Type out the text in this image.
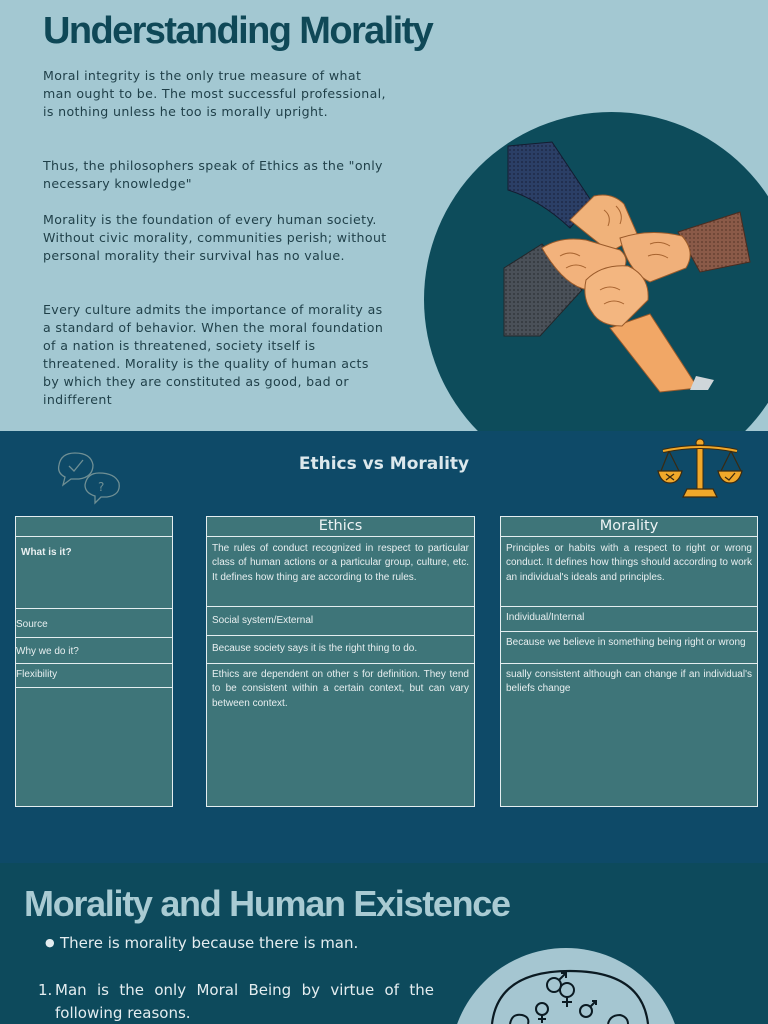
Understanding Morality

Moral integrity is the only true measure of what man ought to be. The most successful professional, is nothing unless he too is morally upright.

Thus, the philosophers speak of Ethics as the "only necessary knowledge"

Morality is the foundation of every human society. Without civic morality, communities perish; without personal morality their survival has no value.

Every culture admits the importance of morality as a standard of behavior. When the moral foundation of a nation is threatened, society itself is threatened. Morality is the quality of human acts by which they are constituted as good, bad or indifferent

?
Ethics vs Morality
What is it?
Source
Why we do it?
Flexibility
Ethics
The rules of conduct recognized in respect to particular class of human actions or a particular group, culture, etc. It defines how thing are according to the rules.
Social system/External
Because society says it is the right thing to do.
Ethics are dependent on other s for definition. They tend to be consistent within a certain context, but can vary between context.
Morality
Principles or habits with a respect to right or wrong conduct. It defines how things should according to work an individual's ideals and principles.
Individual/Internal
Because we believe in something being right or wrong
sually consistent although can change if an individual's beliefs change
Morality and Human Existence
● There is morality because there is man.
1. Man is the only Moral Being by virtue of the following reasons.
